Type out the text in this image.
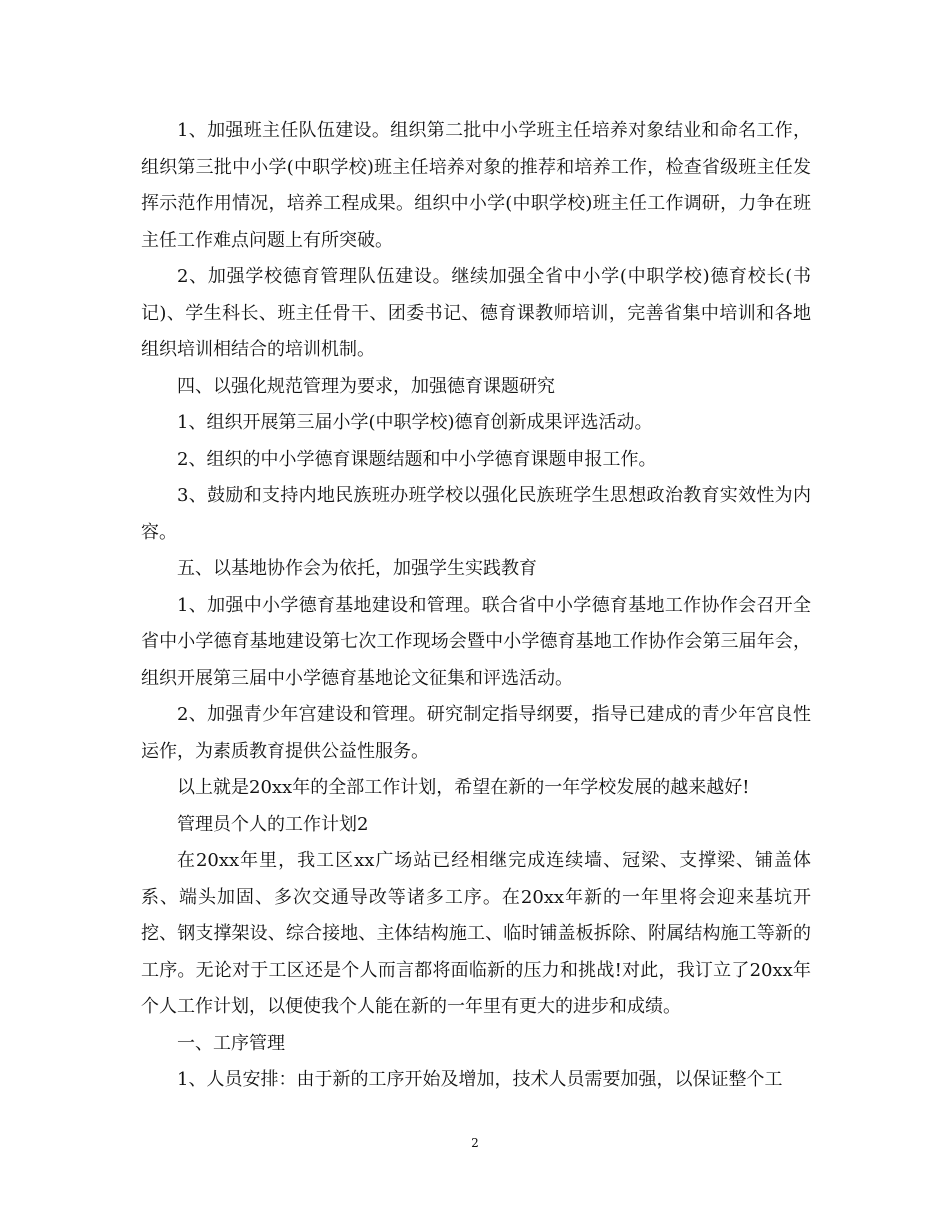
1、加强班主任队伍建设。组织第二批中小学班主任培养对象结业和命名工作，组织第三批中小学(中职学校)班主任培养对象的推荐和培养工作，检查省级班主任发挥示范作用情况，培养工程成果。组织中小学(中职学校)班主任工作调研，力争在班主任工作难点问题上有所突破。

2、加强学校德育管理队伍建设。继续加强全省中小学(中职学校)德育校长(书记)、学生科长、班主任骨干、团委书记、德育课教师培训，完善省集中培训和各地组织培训相结合的培训机制。

四、以强化规范管理为要求，加强德育课题研究

1、组织开展第三届小学(中职学校)德育创新成果评选活动。

2、组织的中小学德育课题结题和中小学德育课题申报工作。

3、鼓励和支持内地民族班办班学校以强化民族班学生思想政治教育实效性为内容。

五、以基地协作会为依托，加强学生实践教育

1、加强中小学德育基地建设和管理。联合省中小学德育基地工作协作会召开全省中小学德育基地建设第七次工作现场会暨中小学德育基地工作协作会第三届年会，组织开展第三届中小学德育基地论文征集和评选活动。

2、加强青少年宫建设和管理。研究制定指导纲要，指导已建成的青少年宫良性运作，为素质教育提供公益性服务。

以上就是20xx年的全部工作计划，希望在新的一年学校发展的越来越好!

管理员个人的工作计划2

在20xx年里，我工区xx广场站已经相继完成连续墙、冠梁、支撑梁、铺盖体系、端头加固、多次交通导改等诸多工序。在20xx年新的一年里将会迎来基坑开挖、钢支撑架设、综合接地、主体结构施工、临时铺盖板拆除、附属结构施工等新的工序。无论对于工区还是个人而言都将面临新的压力和挑战!对此，我订立了20xx年个人工作计划，以便使我个人能在新的一年里有更大的进步和成绩。

一、工序管理

1、人员安排：由于新的工序开始及增加，技术人员需要加强，以保证整个工

2
